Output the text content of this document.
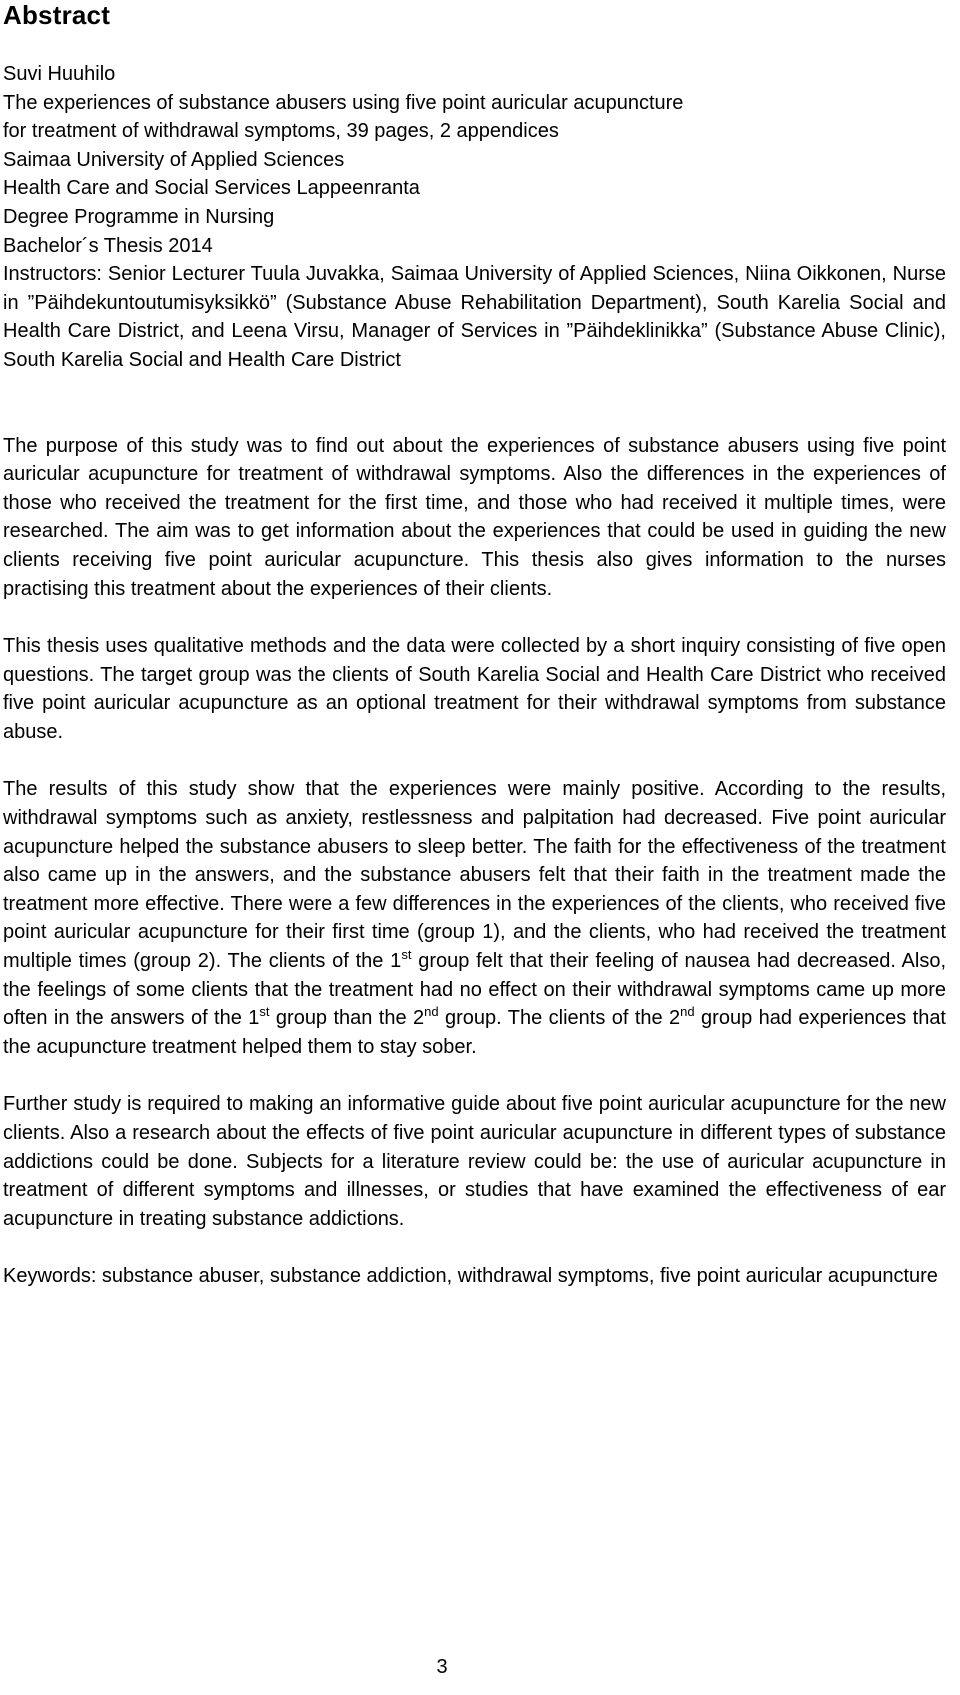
Abstract
Suvi Huuhilo
The experiences of substance abusers using five point auricular acupuncture
for treatment of withdrawal symptoms, 39 pages, 2 appendices
Saimaa University of Applied Sciences
Health Care and Social Services Lappeenranta
Degree Programme in Nursing
Bachelor´s Thesis 2014

Instructors: Senior Lecturer Tuula Juvakka, Saimaa University of Applied Sciences, Niina Oikkonen, Nurse in ”Päihdekuntoutumisyksikkö” (Substance Abuse Rehabilitation Department), South Karelia Social and Health Care District, and Leena Virsu, Manager of Services in ”Päihdeklinikka” (Substance Abuse Clinic), South Karelia Social and Health Care District

The purpose of this study was to find out about the experiences of substance abusers using five point auricular acupuncture for treatment of withdrawal symptoms. Also the differences in the experiences of those who received the treatment for the first time, and those who had received it multiple times, were researched. The aim was to get information about the experiences that could be used in guiding the new clients receiving five point auricular acupuncture. This thesis also gives information to the nurses practising this treatment about the experiences of their clients.

This thesis uses qualitative methods and the data were collected by a short inquiry consisting of five open questions. The target group was the clients of South Karelia Social and Health Care District who received five point auricular acupuncture as an optional treatment for their withdrawal symptoms from substance abuse.

The results of this study show that the experiences were mainly positive. According to the results, withdrawal symptoms such as anxiety, restlessness and palpitation had decreased. Five point auricular acupuncture helped the substance abusers to sleep better. The faith for the effectiveness of the treatment also came up in the answers, and the substance abusers felt that their faith in the treatment made the treatment more effective. There were a few differences in the experiences of the clients, who received five point auricular acupuncture for their first time (group 1), and the clients, who had received the treatment multiple times (group 2). The clients of the 1st group felt that their feeling of nausea had decreased. Also, the feelings of some clients that the treatment had no effect on their withdrawal symptoms came up more often in the answers of the 1st group than the 2nd group. The clients of the 2nd group had experiences that the acupuncture treatment helped them to stay sober.

Further study is required to making an informative guide about five point auricular acupuncture for the new clients. Also a research about the effects of five point auricular acupuncture in different types of substance addictions could be done. Subjects for a literature review could be: the use of auricular acupuncture in treatment of different symptoms and illnesses, or studies that have examined the effectiveness of ear acupuncture in treating substance addictions.

Keywords: substance abuser, substance addiction, withdrawal symptoms, five point auricular acupuncture

3
